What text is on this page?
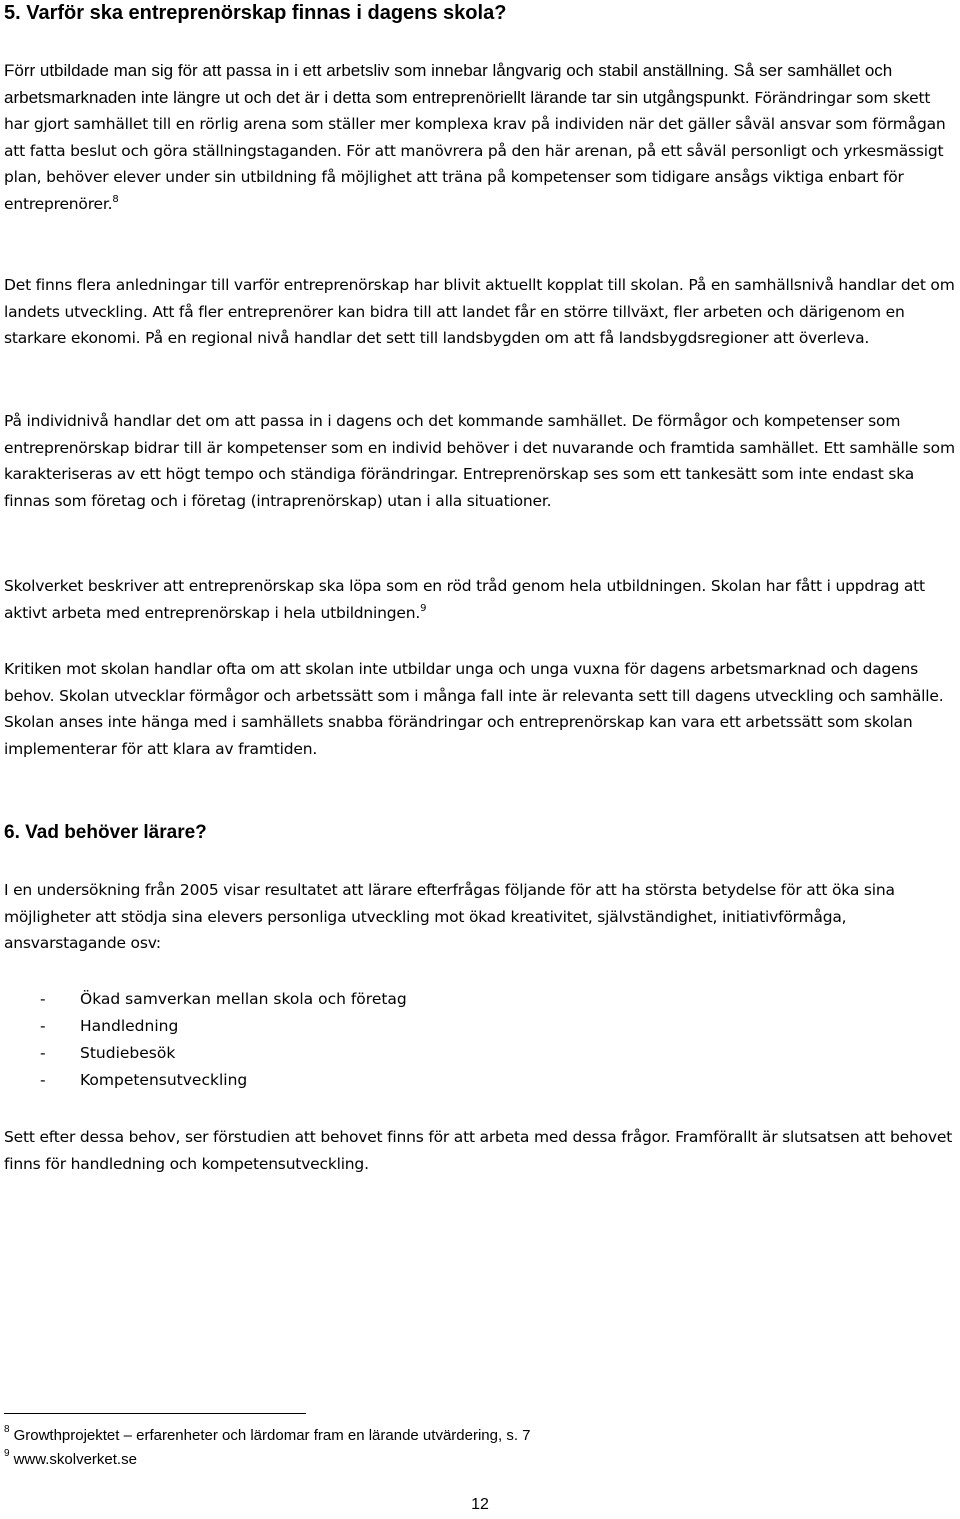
5. Varför ska entreprenörskap finnas i dagens skola?

Förr utbildade man sig för att passa in i ett arbetsliv som innebar långvarig och stabil anställning. Så ser samhället och arbetsmarknaden inte längre ut och det är i detta som entreprenöriellt lärande tar sin utgångspunkt. Förändringar som skett har gjort samhället till en rörlig arena som ställer mer komplexa krav på individen när det gäller såväl ansvar som förmågan att fatta beslut och göra ställningstaganden. För att manövrera på den här arenan, på ett såväl personligt och yrkesmässigt plan, behöver elever under sin utbildning få möjlighet att träna på kompetenser som tidigare ansågs viktiga enbart för entreprenörer.$^8$

Det finns flera anledningar till varför entreprenörskap har blivit aktuellt kopplat till skolan. På en samhällsnivå handlar det om landets utveckling. Att få fler entreprenörer kan bidra till att landet får en större tillväxt, fler arbeten och därigenom en starkare ekonomi. På en regional nivå handlar det sett till landsbygden om att få landsbygdsregioner att överleva.

På individnivå handlar det om att passa in i dagens och det kommande samhället. De förmågor och kompetenser som entreprenörskap bidrar till är kompetenser som en individ behöver i det nuvarande och framtida samhället. Ett samhälle som karakteriseras av ett högt tempo och ständiga förändringar. Entreprenörskap ses som ett tankesätt som inte endast ska finnas som företag och i företag (intraprenörskap) utan i alla situationer.

Skolverket beskriver att entreprenörskap ska löpa som en röd tråd genom hela utbildningen. Skolan har fått i uppdrag att aktivt arbeta med entreprenörskap i hela utbildningen.$^9$

Kritiken mot skolan handlar ofta om att skolan inte utbildar unga och unga vuxna för dagens arbetsmarknad och dagens behov. Skolan utvecklar förmågor och arbetssätt som i många fall inte är relevanta sett till dagens utveckling och samhälle. Skolan anses inte hänga med i samhällets snabba förändringar och entreprenörskap kan vara ett arbetssätt som skolan implementerar för att klara av framtiden.

6. Vad behöver lärare?

I en undersökning från 2005 visar resultatet att lärare efterfrågas följande för att ha största betydelse för att öka sina möjligheter att stödja sina elevers personliga utveckling mot ökad kreativitet, självständighet, initiativförmåga, ansvarstagande osv:

- Ökad samverkan mellan skola och företag
- Handledning
- Studiebesök
- Kompetensutveckling

Sett efter dessa behov, ser förstudien att behovet finns för att arbeta med dessa frågor. Framförallt är slutsatsen att behovet finns för handledning och kompetensutveckling.

$^8$ Growthprojektet – erfarenheter och lärdomar fram en lärande utvärdering, s. 7
$^9$ www.skolverket.se
12
